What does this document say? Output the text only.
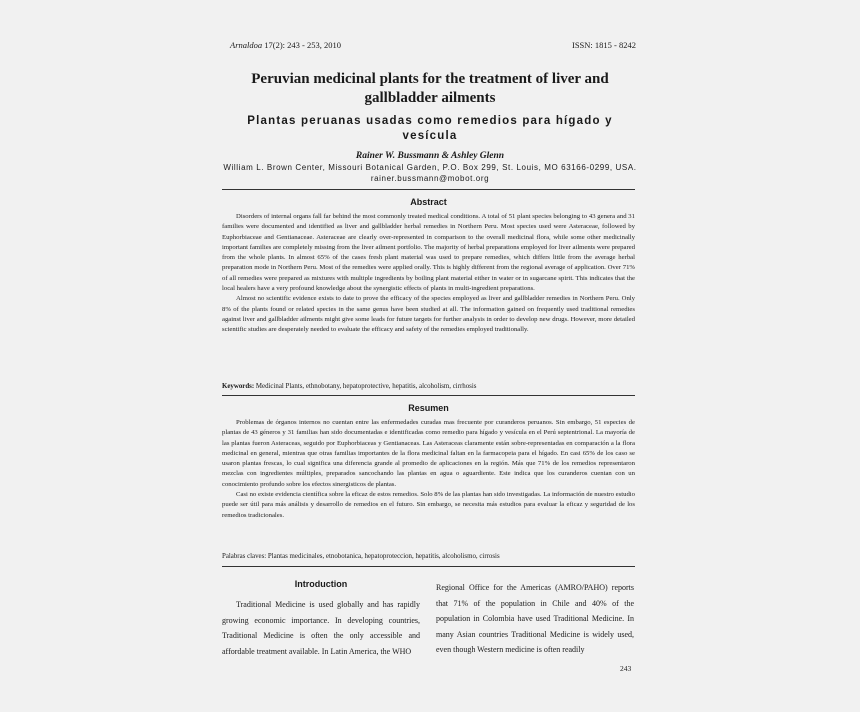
Arnaldoa 17(2): 243 - 253, 2010	ISSN: 1815 - 8242
Peruvian medicinal plants for the treatment of liver and gallbladder ailments
Plantas peruanas usadas como remedios para hígado y vesícula
Rainer W. Bussmann & Ashley Glenn
William L. Brown Center, Missouri Botanical Garden, P.O. Box 299, St. Louis, MO 63166-0299, USA. rainer.bussmann@mobot.org
Abstract

Disorders of internal organs fall far behind the most commonly treated medical conditions. A total of 51 plant species belonging to 43 genera and 31 families were documented and identified as liver and gallbladder herbal remedies in Northern Peru. Most species used were Asteraceae, followed by Euphorbiaceae and Gentianaceae. Asteraceae are clearly over-represented in comparison to the overall medicinal flora, while some other medicinally important families are completely missing from the liver ailment portfolio. The majority of herbal preparations employed for liver ailments were prepared from the whole plants. In almost 65% of the cases fresh plant material was used to prepare remedies, which differs little from the average herbal preparation mode in Northern Peru. Most of the remedies were applied orally. This is highly different from the regional average of application. Over 71% of all remedies were prepared as mixtures with multiple ingredients by boiling plant material either in water or in sugarcane spirit. This indicates that the local healers have a very profound knowledge about the synergistic effects of plants in multi-ingredient preparations.

Almost no scientific evidence exists to date to prove the efficacy of the species employed as liver and gallbladder remedies in Northern Peru. Only 8% of the plants found or related species in the same genus have been studied at all. The information gained on frequently used traditional remedies against liver and gallbladder ailments might give some leads for future targets for further analysis in order to develop new drugs. However, more detailed scientific studies are desperately needed to evaluate the efficacy and safety of the remedies employed traditionally.

Keywords: Medicinal Plants, ethnobotany, hepatoprotective, hepatitis, alcoholism, cirrhosis
Resumen

Problemas de órganos internos no cuentan entre las enfermedades curadas mas frecuente por curanderos peruanos. Sin embargo, 51 especies de plantas de 43 géneros y 31 familias han sido documentadas e identificadas como remedio para hígado y vesícula en el Perú septentrional. La mayoría de las plantas fueron Asteraceas, seguido por Euphorbiaceas y Gentianaceas. Las Asteraceas claramente están sobre-representadas en comparación a la flora medicinal en general, mientras que otras familias importantes de la flora medicinal faltan en la farmacopeia para el hígado. En casi 65% de los caso se usaron plantas frescas, lo cual significa una diferencia grande al promedio de aplicaciones en la región. Más que 71% de los remedios representaron mezclas con ingredientes múltiples, preparados sancochando las plantas en agua o aguardiente. Este indica que los curanderos cuentan con un conocimiento profundo sobre los efectos sinergisticos de plantas.

Casi no existe evidencia científica sobre la eficaz de estos remedios. Solo 8% de las plantas han sido investigadas. La información de nuestro estudio puede ser útil para más análisis y desarrollo de remedios en el futuro. Sin embargo, se necesita más estudios para evaluar la eficaz y seguridad de los remedios tradicionales.

Palabras claves: Plantas medicinales, etnobotanica, hepatoproteccion, hepatitis, alcoholismo, cirrosis
Introduction

Traditional Medicine is used globally and has rapidly growing economic importance. In developing countries, Traditional Medicine is often the only accessible and affordable treatment available. In Latin America, the WHO

Regional Office for the Americas (AMRO/PAHO) reports that 71% of the population in Chile and 40% of the population in Colombia have used Traditional Medicine. In many Asian countries Traditional Medicine is widely used, even though Western medicine is often readily

243
